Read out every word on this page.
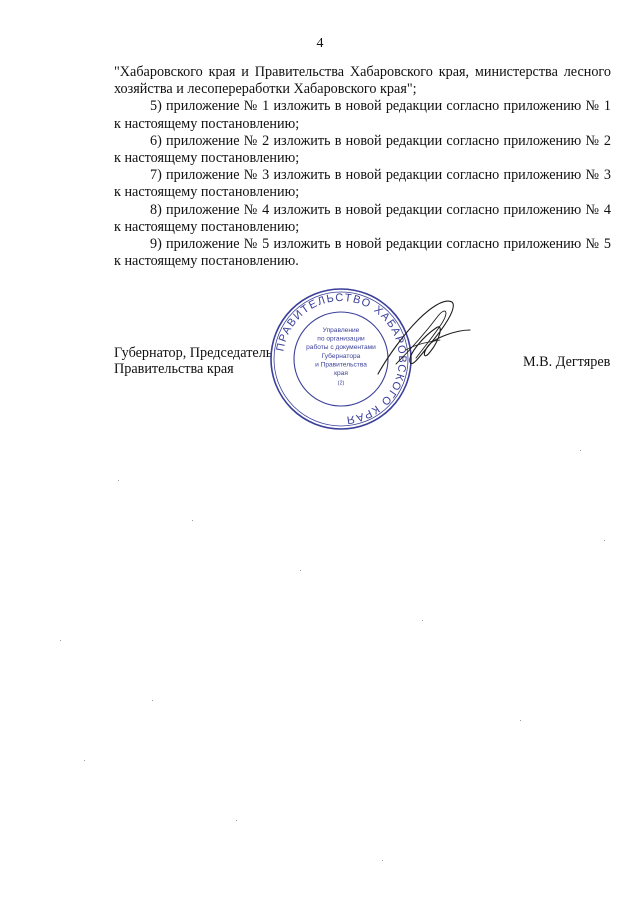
4

"Хабаровского края и Правительства Хабаровского края, министерства лесного хозяйства и лесопереработки Хабаровского края";

5) приложение № 1 изложить в новой редакции согласно приложению № 1 к настоящему постановлению;

6) приложение № 2 изложить в новой редакции согласно приложению № 2 к настоящему постановлению;

7) приложение № 3 изложить в новой редакции согласно приложению № 3 к настоящему постановлению;

8) приложение № 4 изложить в новой редакции согласно приложению № 4 к настоящему постановлению;

9) приложение № 5 изложить в новой редакции согласно приложению № 5 к настоящему постановлению.

Губернатор, Председатель
Правительства края
ПРАВИТЕЛЬСТВО ХАБАРОВСКОГО КРАЯ
Управление
по организации
работы с документами
Губернатора
и Правительства
края
(2)
М.В. Дегтярев
